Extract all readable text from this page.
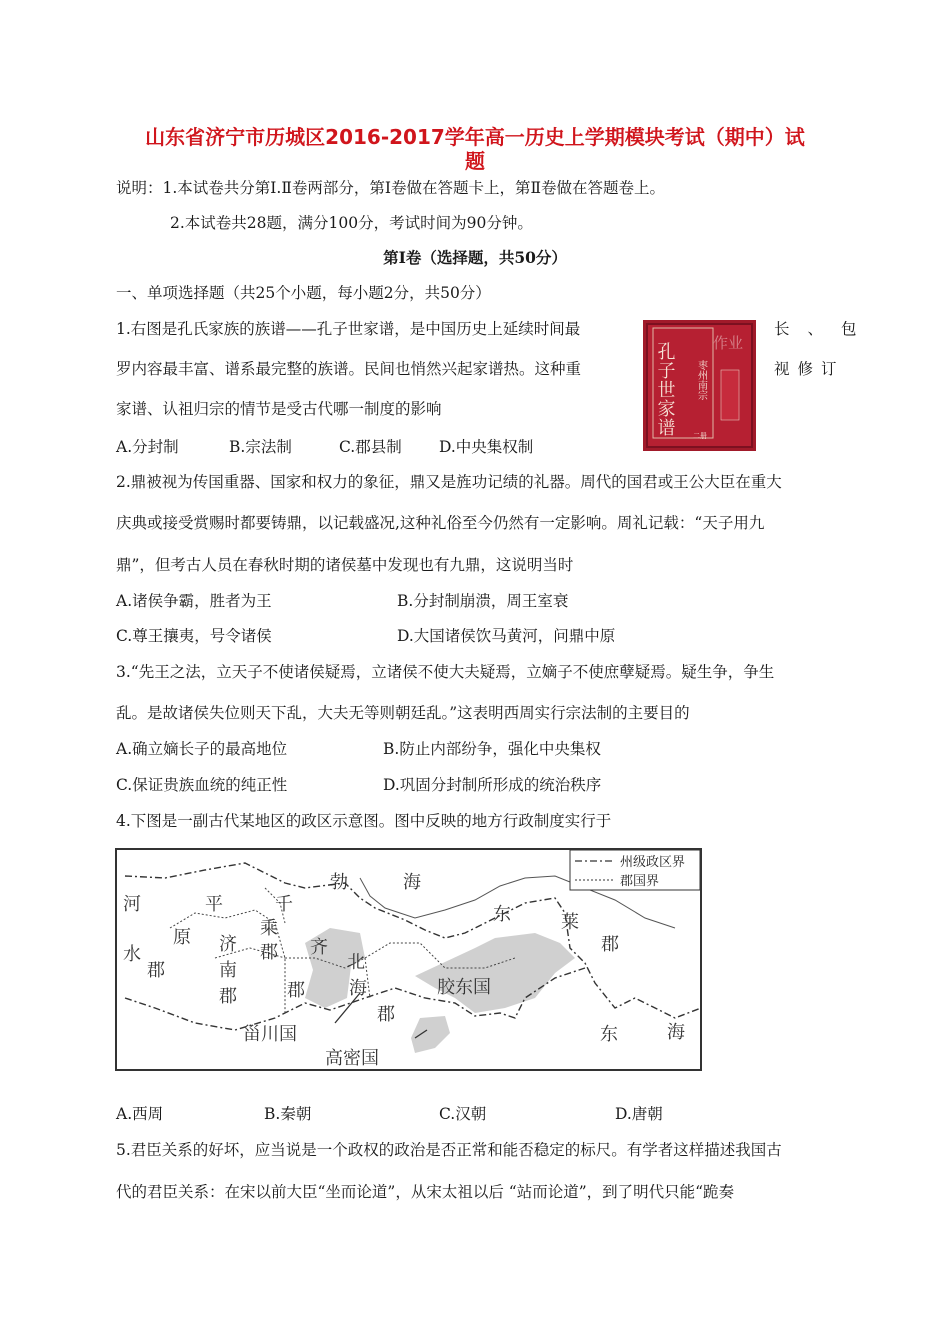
山东省济宁市历城区2016-2017学年高一历史上学期模块考试（期中）试
题
说明：1.本试卷共分第Ⅰ.Ⅱ卷两部分，第Ⅰ卷做在答题卡上，第Ⅱ卷做在答题卷上。
2.本试卷共28题，满分100分，考试时间为90分钟。
第Ⅰ卷（选择题，共50分）
一、单项选择题（共25个小题，每小题2分，共50分）
1.右图是孔氏家族的族谱——孔子世家谱，是中国历史上延续时间最	长、包
罗内容最丰富、谱系最完整的族谱。民间也悄然兴起家谱热。这种重	视修订
家谱、认祖归宗的情节是受古代哪一制度的影响
A.分封制	B.宗法制	C.郡县制 D.中央集权制
孔子世家谱 枣州南宗
作业
二册
2.鼎被视为传国重器、国家和权力的象征，鼎又是旌功记绩的礼器。周代的国君或王公大臣在重大
庆典或接受赏赐时都要铸鼎，以记载盛况,这种礼俗至今仍然有一定影响。周礼记载：“天子用九
鼎”，但考古人员在春秋时期的诸侯墓中发现也有九鼎，这说明当时
A.诸侯争霸，胜者为王	B.分封制崩溃，周王室衰
C.尊王攘夷，号令诸侯	D.大国诸侯饮马黄河，问鼎中原
3.“先王之法，立天子不使诸侯疑焉，立诸侯不使大夫疑焉，立嫡子不使庶孽疑焉。疑生争，争生
乱。是故诸侯失位则天下乱，大夫无等则朝廷乱。”这表明西周实行宗法制的主要目的
A.确立嫡长子的最高地位	B.防止内部纷争，强化中央集权
C.保证贵族血统的纯正性	D.巩固分封制所形成的统治秩序
4.下图是一副古代某地区的政区示意图。图中反映的地方行政制度实行于
州级政区界
郡国界
勃	海
河	平
原
郡
水	济
南
郡
千
乘
郡 齐
郡
北
海
郡
胶东国
东	莱
郡
东	海
甾川国
高密国
A.西周	B.秦朝	C.汉朝	D.唐朝
5.君臣关系的好坏，应当说是一个政权的政治是否正常和能否稳定的标尺。有学者这样描述我国古
代的君臣关系：在宋以前大臣“坐而论道”，从宋太祖以后 “站而论道”，到了明代只能“跪奏
